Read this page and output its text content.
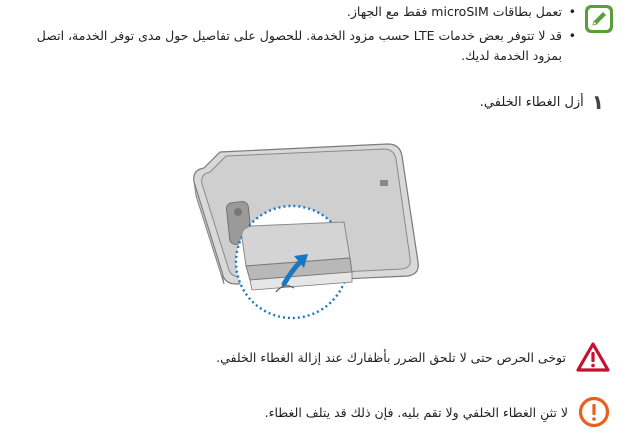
•
تعمل بطاقات microSIM فقط مع الجهاز.
•
قد لا تتوفر بعض خدمات LTE حسب مزود الخدمة. للحصول على تفاصيل حول مدى توفر الخدمة، اتصل بمزود الخدمة لديك.
١
أزل الغطاء الخلفي.
توخى الحرص حتى لا تلحق الضرر بأظفارك عند إزالة الغطاء الخلفي.
لا تثنِ الغطاء الخلفي ولا تقم بليه. فإن ذلك قد يتلف الغطاء.
